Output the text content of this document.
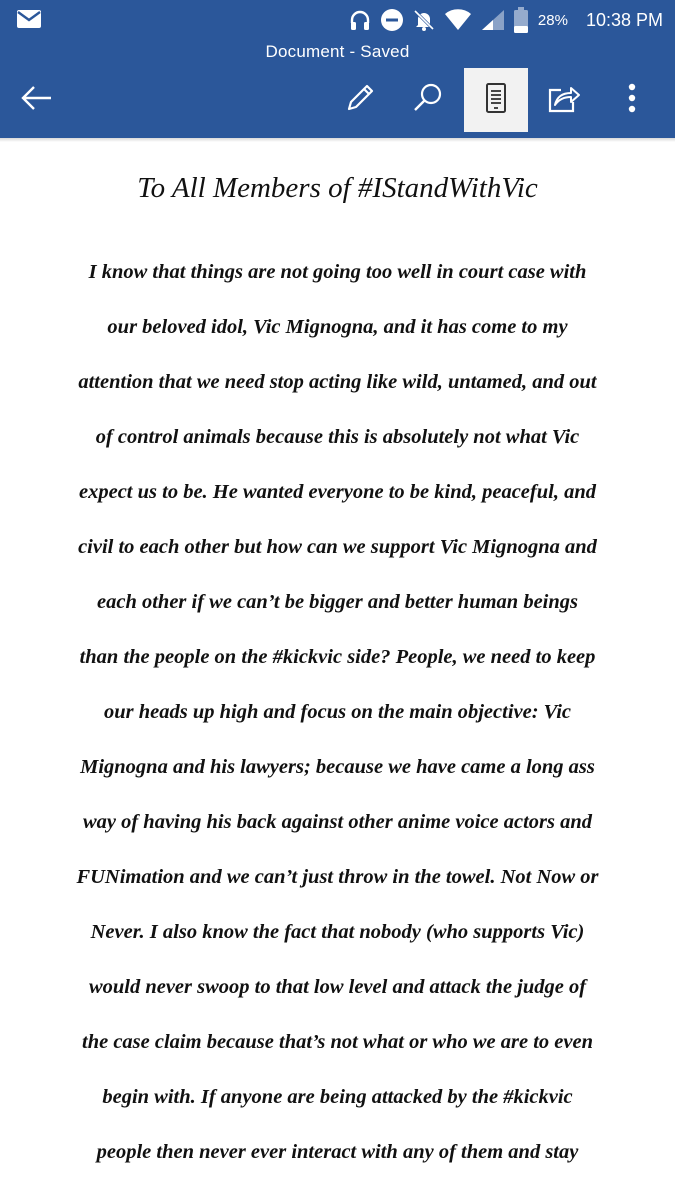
28% 10:38 PM
Document - Saved
To All Members of #IStandWithVic
I know that things are not going too well in court case with
our beloved idol, Vic Mignogna, and it has come to my
attention that we need stop acting like wild, untamed, and out
of control animals because this is absolutely not what Vic
expect us to be. He wanted everyone to be kind, peaceful, and
civil to each other but how can we support Vic Mignogna and
each other if we can’t be bigger and better human beings
than the people on the #kickvic side? People, we need to keep
our heads up high and focus on the main objective: Vic
Mignogna and his lawyers; because we have came a long ass
way of having his back against other anime voice actors and
FUNimation and we can’t just throw in the towel. Not Now or
Never. I also know the fact that nobody (who supports Vic)
would never swoop to that low level and attack the judge of
the case claim because that’s not what or who we are to even
begin with. If anyone are being attacked by the #kickvic
people then never ever interact with any of them and stay
